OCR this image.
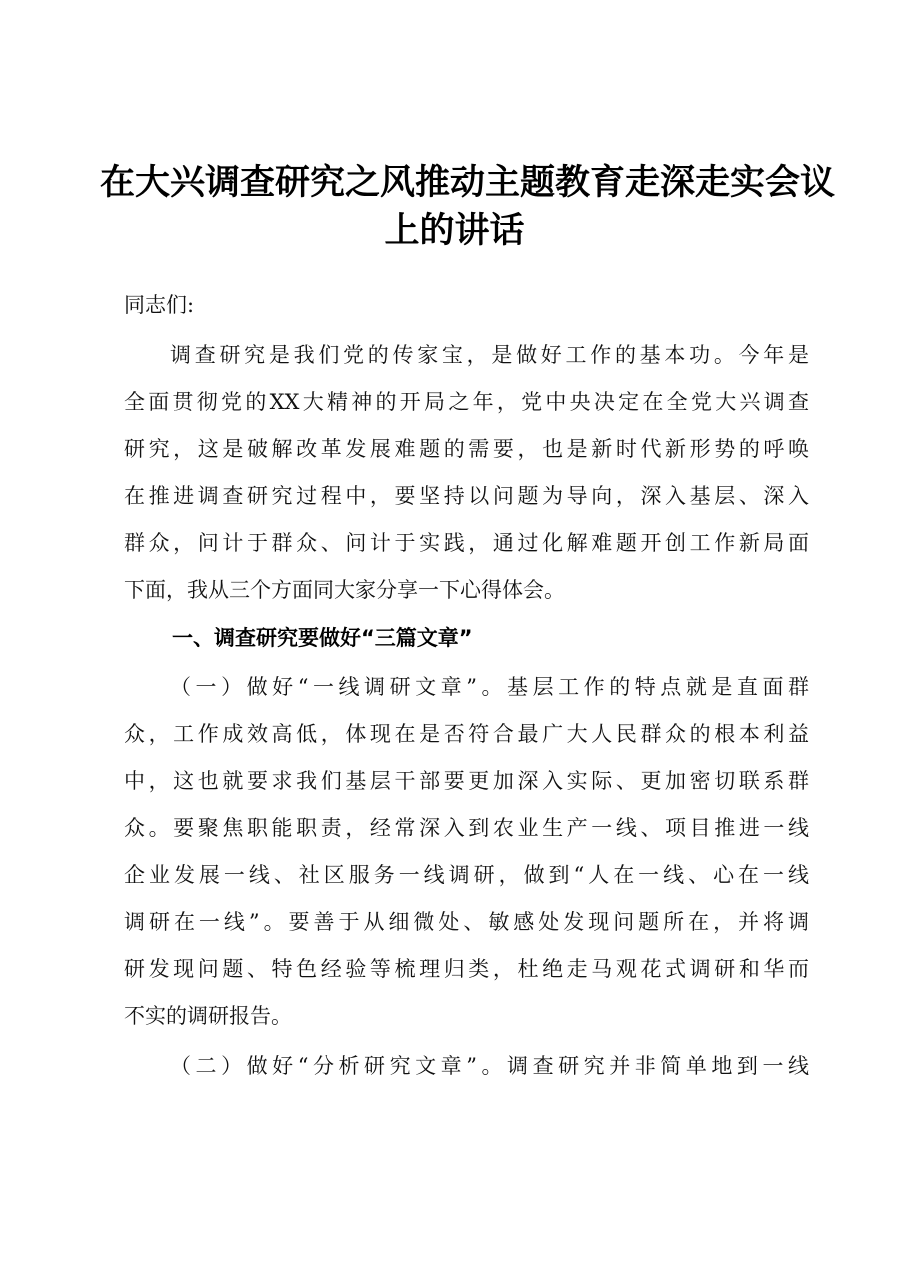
在大兴调查研究之风推动主题教育走深走实会议
上的讲话
同志们:
调查研究是我们党的传家宝，是做好工作的基本功。今年是
全面贯彻党的XX大精神的开局之年，党中央决定在全党大兴调查
研究，这是破解改革发展难题的需要，也是新时代新形势的呼唤
在推进调查研究过程中，要坚持以问题为导向，深入基层、深入
群众，问计于群众、问计于实践，通过化解难题开创工作新局面
下面，我从三个方面同大家分享一下心得体会。
一、调查研究要做好“三篇文章”
（一）做好“一线调研文章”。基层工作的特点就是直面群
众，工作成效高低，体现在是否符合最广大人民群众的根本利益
中，这也就要求我们基层干部要更加深入实际、更加密切联系群
众。要聚焦职能职责，经常深入到农业生产一线、项目推进一线
企业发展一线、社区服务一线调研，做到“人在一线、心在一线
调研在一线”。要善于从细微处、敏感处发现问题所在，并将调
研发现问题、特色经验等梳理归类，杜绝走马观花式调研和华而
不实的调研报告。
（二）做好“分析研究文章”。调查研究并非简单地到一线
